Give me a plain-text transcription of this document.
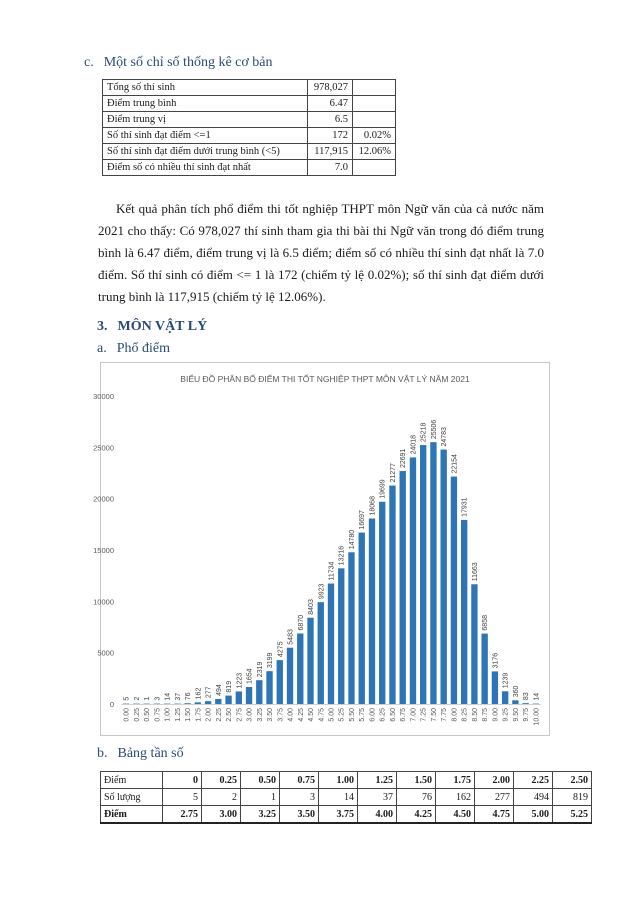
c. Một số chỉ số thống kê cơ bản
Tổng số thí sinh	978,027	
Điểm trung bình	6.47	
Điểm trung vị	6.5	
Số thí sinh đạt điểm <=1	172	0.02%
Số thí sinh đạt điểm dưới trung bình (<5)	117,915	12.06%
Điểm số có nhiều thí sinh đạt nhất	7.0	
Kết quả phân tích phổ điểm thi tốt nghiệp THPT môn Ngữ văn của cả nước năm 2021 cho thấy: Có 978,027 thí sinh tham gia thi bài thi Ngữ văn trong đó điểm trung bình là 6.47 điểm, điểm trung vị là 6.5 điểm; điểm số có nhiều thí sinh đạt nhất là 7.0 điểm. Số thí sinh có điểm <= 1 là 172 (chiếm tỷ lệ 0.02%); số thí sinh đạt điểm dưới trung bình là 117,915 (chiếm tỷ lệ 12.06%).
3. MÔN VẬT LÝ
a. Phổ điểm
BIỂU ĐỒ PHÂN BỐ ĐIỂM THI TỐT NGHIỆP THPT MÔN VẬT LÝ NĂM 2021
0
5000
10000
15000
20000
25000
30000
5
0.00
2
0.25
1
0.50
3
0.75
14
1.00
37
1.25
76
1.50
162
1.75
277
2.00
494
2.25
819
2.50
1223
2.75
1654
3.00
2319
3.25
3199
3.50
4275
3.75
5483
4.00
6870
4.25
8403
4.50
9923
4.75
11734
5.00
13216
5.25
14780
5.50
16697
5.75
18068
6.00
19699
6.25
21277
6.50
22691
6.75
24018
7.00
25218
7.25
25506
7.50
24783
7.75
22154
8.00
17931
8.25
11663
8.50
6858
8.75
3176
9.00
1239
9.25
360
9.50
83
9.75
14
10.00
b. Bảng tần số
Điểm	0	0.25	0.50	0.75	1.00	1.25	1.50	1.75	2.00	2.25	2.50
Số lượng	5	2	1	3	14	37	76	162	277	494	819
Điểm	2.75	3.00	3.25	3.50	3.75	4.00	4.25	4.50	4.75	5.00	5.25
